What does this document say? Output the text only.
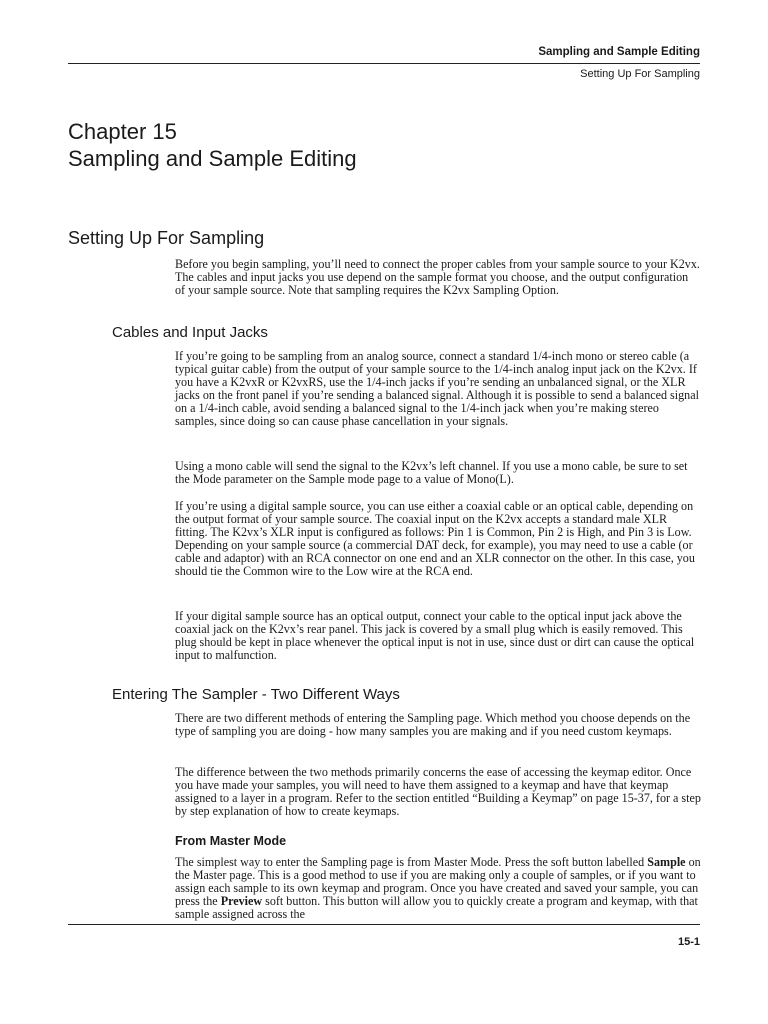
Sampling and Sample Editing
Setting Up For Sampling
Chapter 15
Sampling and Sample Editing
Setting Up For Sampling

Before you begin sampling, you’ll need to connect the proper cables from your sample source to your K2vx. The cables and input jacks you use depend on the sample format you choose, and the output configuration of your sample source. Note that sampling requires the K2vx Sampling Option.

Cables and Input Jacks

If you’re going to be sampling from an analog source, connect a standard 1/4-inch mono or stereo cable (a typical guitar cable) from the output of your sample source to the 1/4-inch analog input jack on the K2vx. If you have a K2vxR or K2vxRS, use the 1/4-inch jacks if you’re sending an unbalanced signal, or the XLR jacks on the front panel if you’re sending a balanced signal. Although it is possible to send a balanced signal on a 1/4-inch cable, avoid sending a balanced signal to the 1/4-inch jack when you’re making stereo samples, since doing so can cause phase cancellation in your signals.

Using a mono cable will send the signal to the K2vx’s left channel. If you use a mono cable, be sure to set the Mode parameter on the Sample mode page to a value of Mono(L).

If you’re using a digital sample source, you can use either a coaxial cable or an optical cable, depending on the output format of your sample source. The coaxial input on the K2vx accepts a standard male XLR fitting. The K2vx’s XLR input is configured as follows: Pin 1 is Common, Pin 2 is High, and Pin 3 is Low. Depending on your sample source (a commercial DAT deck, for example), you may need to use a cable (or cable and adaptor) with an RCA connector on one end and an XLR connector on the other. In this case, you should tie the Common wire to the Low wire at the RCA end.

If your digital sample source has an optical output, connect your cable to the optical input jack above the coaxial jack on the K2vx’s rear panel. This jack is covered by a small plug which is easily removed. This plug should be kept in place whenever the optical input is not in use, since dust or dirt can cause the optical input to malfunction.

Entering The Sampler - Two Different Ways

There are two different methods of entering the Sampling page. Which method you choose depends on the type of sampling you are doing - how many samples you are making and if you need custom keymaps.

The difference between the two methods primarily concerns the ease of accessing the keymap editor. Once you have made your samples, you will need to have them assigned to a keymap and have that keymap assigned to a layer in a program. Refer to the section entitled “Building a Keymap” on page 15-37, for a step by step explanation of how to create keymaps.

From Master Mode

The simplest way to enter the Sampling page is from Master Mode. Press the soft button labelled Sample on the Master page. This is a good method to use if you are making only a couple of samples, or if you want to assign each sample to its own keymap and program. Once you have created and saved your sample, you can press the Preview soft button. This button will allow you to quickly create a program and keymap, with that sample assigned across the

15-1
